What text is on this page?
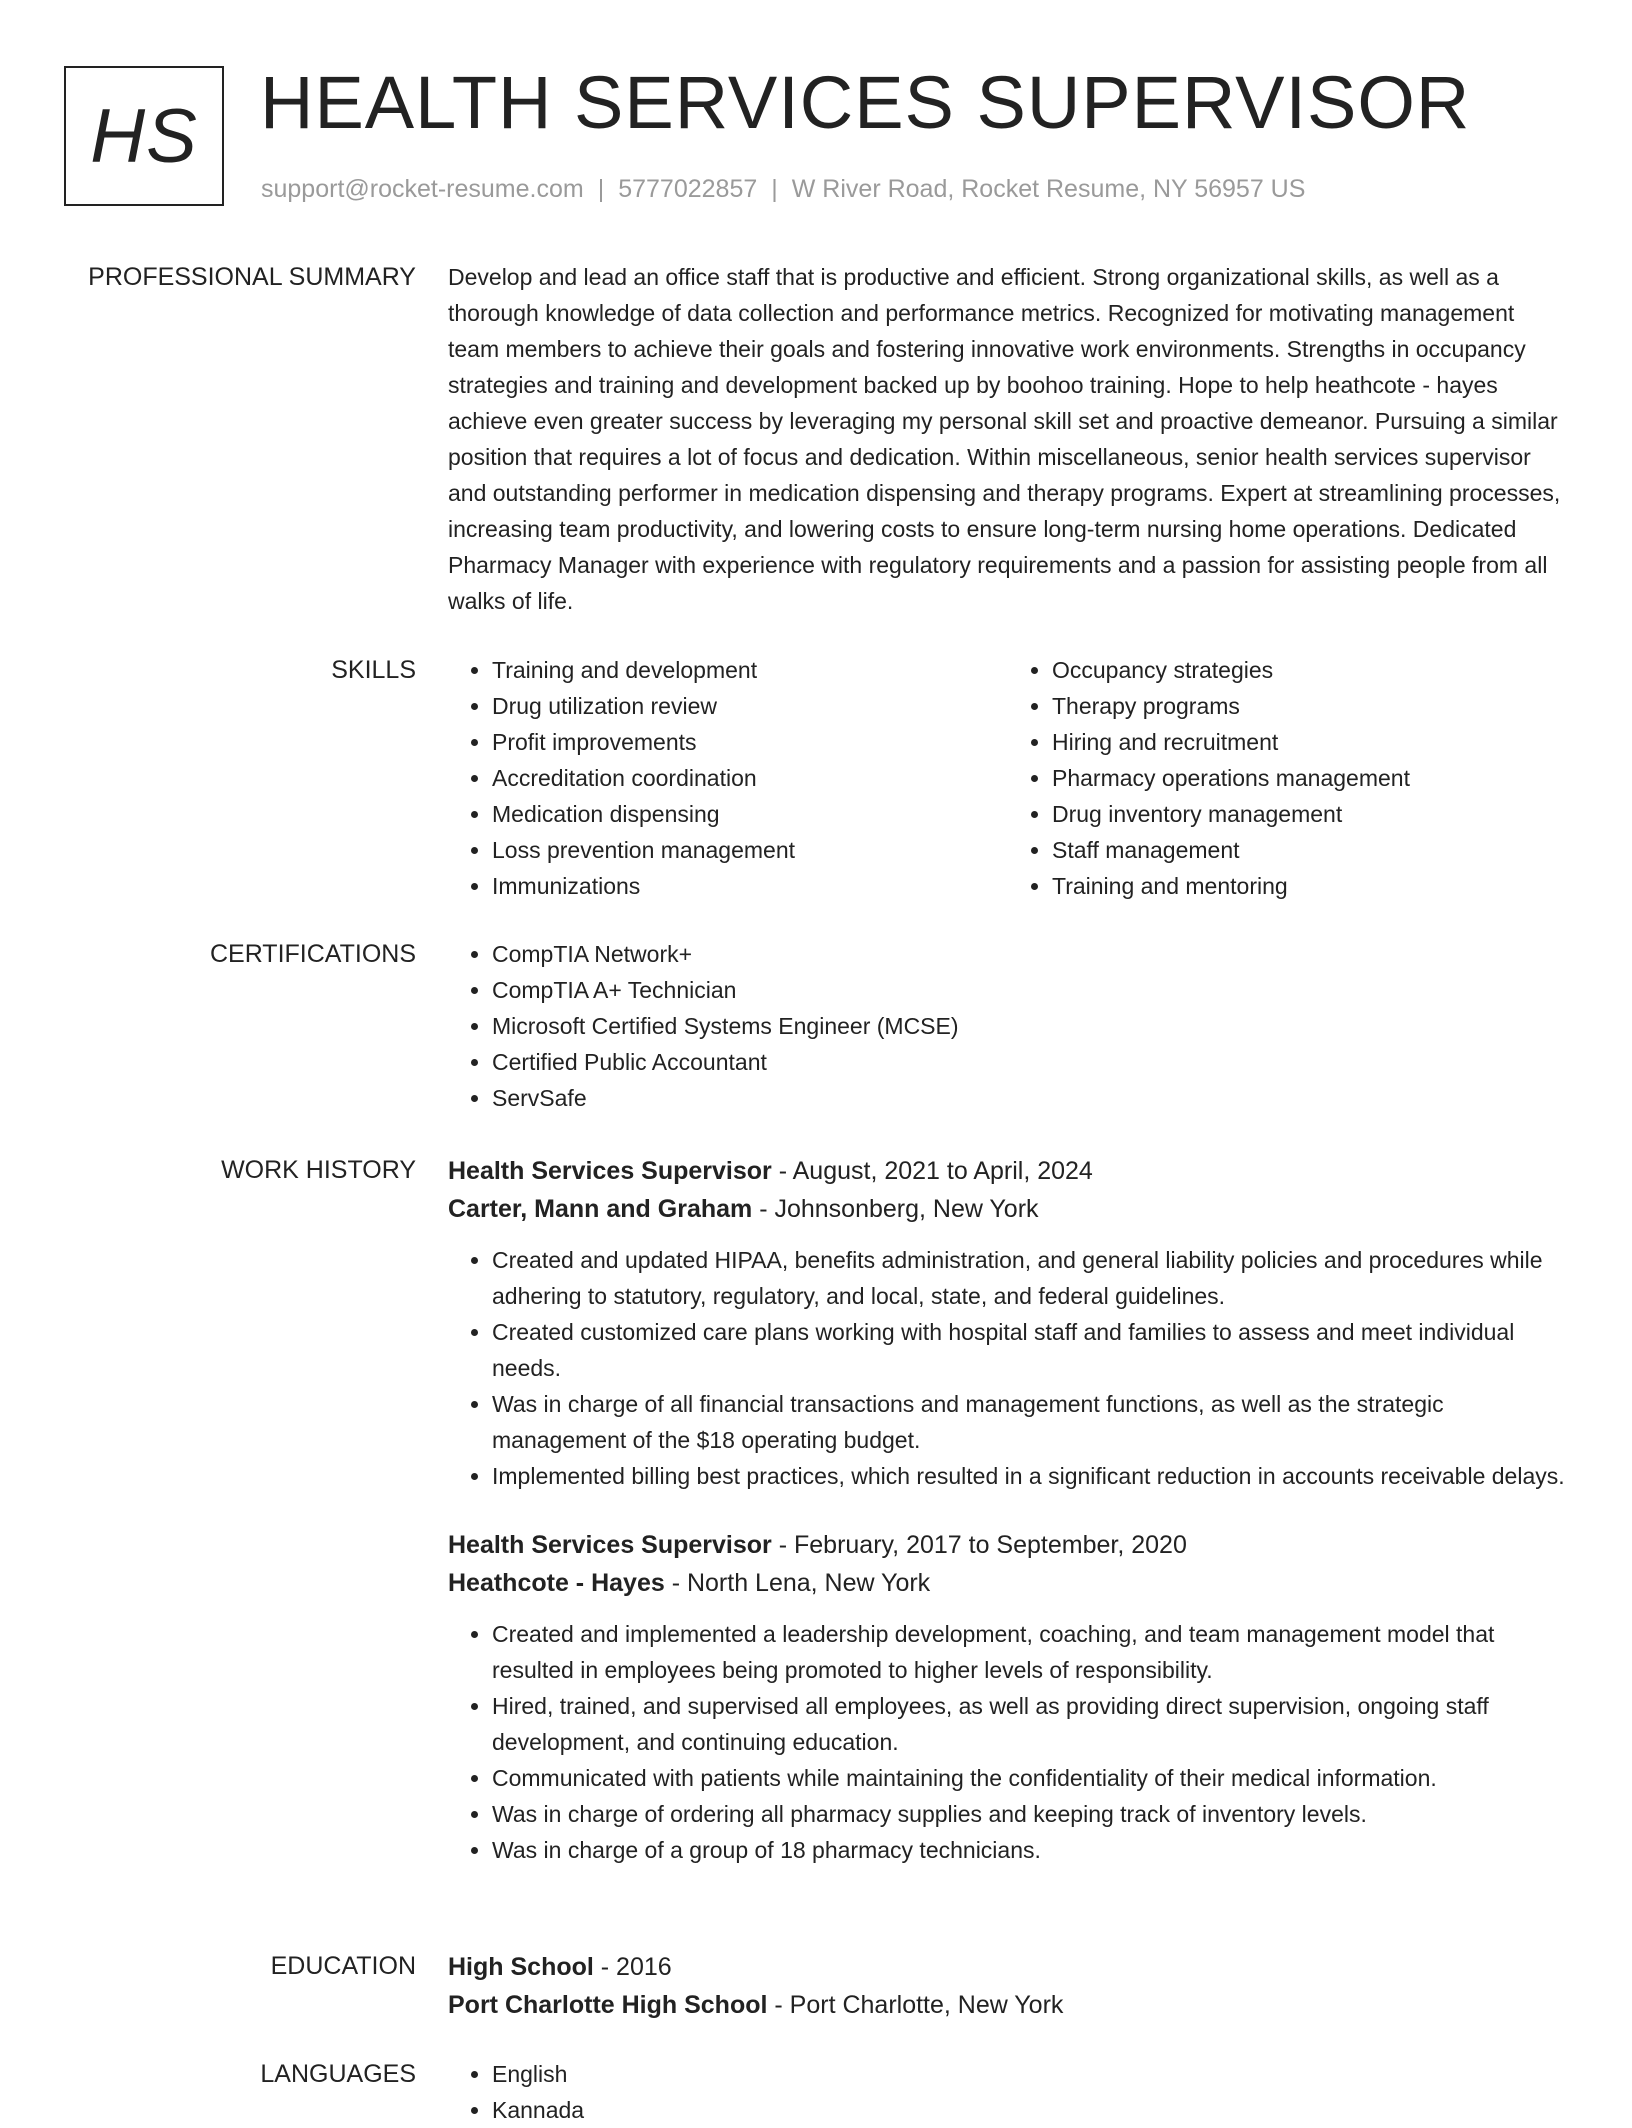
HS HEALTH SERVICES SUPERVISOR
support@rocket-resume.com | 5777022857 | W River Road, Rocket Resume, NY 56957 US
PROFESSIONAL SUMMARY Develop and lead an office staff that is productive and efficient. Strong organizational skills, as well as a thorough knowledge of data collection and performance metrics. Recognized for motivating management team members to achieve their goals and fostering innovative work environments. Strengths in occupancy strategies and training and development backed up by boohoo training. Hope to help heathcote - hayes achieve even greater success by leveraging my personal skill set and proactive demeanor. Pursuing a similar position that requires a lot of focus and dedication. Within miscellaneous, senior health services supervisor and outstanding performer in medication dispensing and therapy programs. Expert at streamlining processes, increasing team productivity, and lowering costs to ensure long-term nursing home operations. Dedicated Pharmacy Manager with experience with regulatory requirements and a passion for assisting people from all walks of life.
SKILLS	• Training and development
• Drug utilization review
• Profit improvements
• Accreditation coordination
• Medication dispensing
• Loss prevention management
• Immunizations
• Occupancy strategies
• Therapy programs
• Hiring and recruitment
• Pharmacy operations management
• Drug inventory management
• Staff management
• Training and mentoring
CERTIFICATIONS	• CompTIA Network+
• CompTIA A+ Technician
• Microsoft Certified Systems Engineer (MCSE)
• Certified Public Accountant
• ServSafe
WORK HISTORY Health Services Supervisor - August, 2021 to April, 2024
Carter, Mann and Graham - Johnsonberg, New York
• Created and updated HIPAA, benefits administration, and general liability policies and procedures while adhering to statutory, regulatory, and local, state, and federal guidelines.
• Created customized care plans working with hospital staff and families to assess and meet individual needs.
• Was in charge of all financial transactions and management functions, as well as the strategic management of the $18 operating budget.
• Implemented billing best practices, which resulted in a significant reduction in accounts receivable delays.
Health Services Supervisor - February, 2017 to September, 2020
Heathcote - Hayes - North Lena, New York
• Created and implemented a leadership development, coaching, and team management model that resulted in employees being promoted to higher levels of responsibility.
• Hired, trained, and supervised all employees, as well as providing direct supervision, ongoing staff development, and continuing education.
• Communicated with patients while maintaining the confidentiality of their medical information.
• Was in charge of ordering all pharmacy supplies and keeping track of inventory levels.
• Was in charge of a group of 18 pharmacy technicians.
EDUCATION High School - 2016
Port Charlotte High School - Port Charlotte, New York
LANGUAGES	• English
• Kannada
